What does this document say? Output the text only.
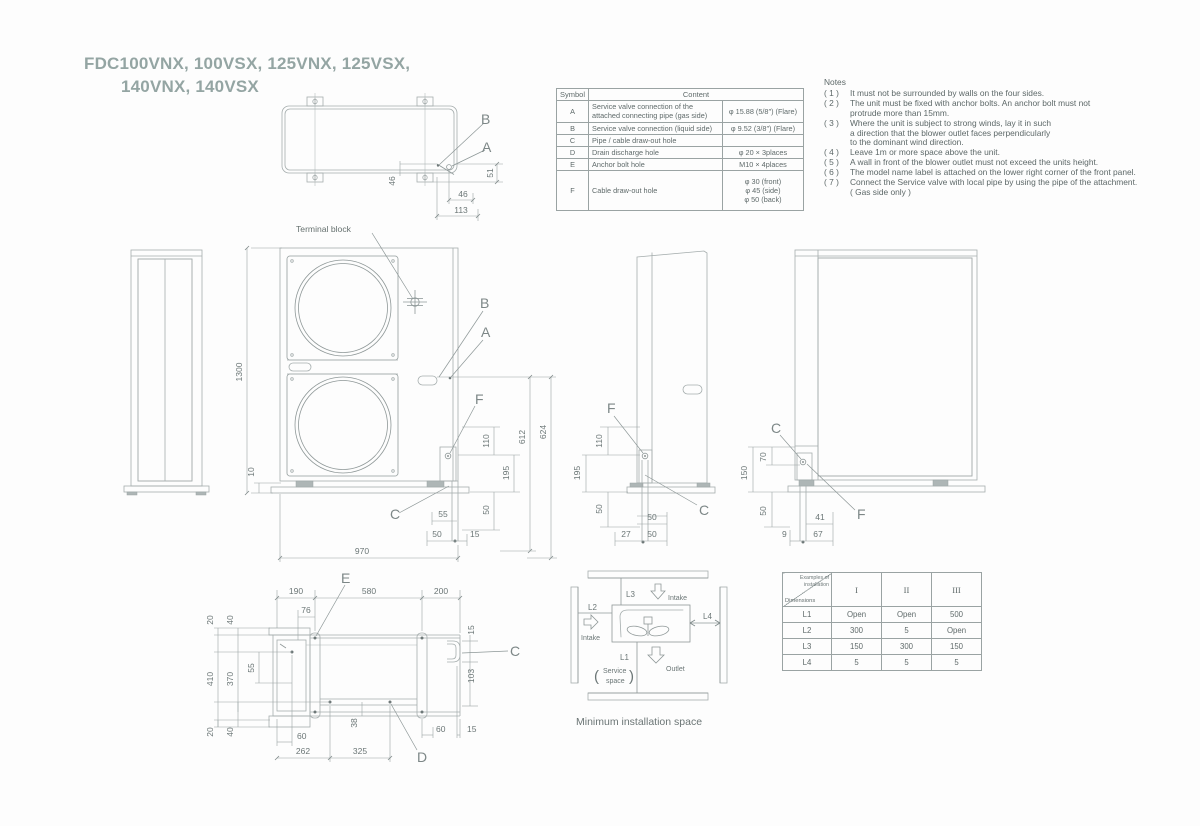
FDC100VNX, 100VSX, 125VNX, 125VSX,
140VNX, 140VSX
46
51
46
113
B
A
Terminal block
Symbol	Content	
A	Service valve connection of the
attached connecting pipe (gas side)	φ 15.88 (5/8″) (Flare)
B	Service valve connection (liquid side)	φ 9.52 (3/8″) (Flare)
C	Pipe / cable draw-out hole	
D	Drain discharge hole	φ 20 × 3places
E	Anchor bolt hole	M10 × 4places
F	Cable draw-out hole	φ 30 (front)
φ 45 (side)
φ 50 (back)
Notes
( 1 )	It must not be surrounded by walls on the four sides.
( 2 )	The unit must be fixed with anchor bolts. An anchor bolt must not
protrude more than 15mm.
( 3 )	Where the unit is subject to strong winds, lay it in such
a direction that the blower outlet faces perpendicularly
to the dominant wind direction.
( 4 )	Leave 1m or more space above the unit.
( 5 )	A wall in front of the blower outlet must not exceed the units height.
( 6 )	The model name label is attached on the lower right corner of the front panel.
( 7 )	Connect the Service valve with local pipe by using the pipe of the attachment.
( Gas side only )
1300
10
970
612 624
110
195
50
55
50	15
B
A
F
C
110
195
50
50
27 50
F
C
70
150
50
41
9	67
C
F
190	580	200
76
20 40
410 370
55
20 40	60
262	325
38
60	15
15
103
E
D
C
L3	Intake
L2
Intake
L4
L1
Outlet
( Service
space )
Minimum installation space
Examples of
installation
Dimensions	I	II	III
L1	Open	Open	500
L2	300	5	Open
L3	150	300	150
L4	5	5	5
